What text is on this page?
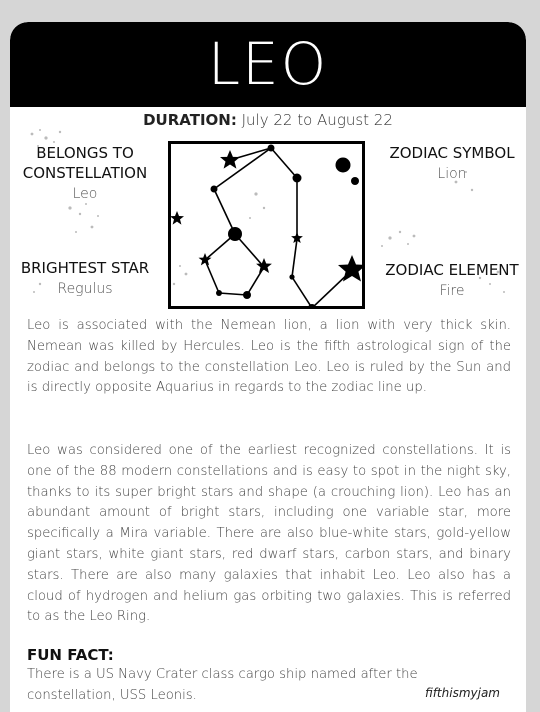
LEO
DURATION: July 22 to August 22
BELONGS TO
CONSTELLATION
Leo
BRIGHTEST STAR
Regulus
ZODIAC SYMBOL
Lion
ZODIAC ELEMENT
Fire
Leo is associated with the Nemean lion, a lion with very thick skin. Nemean was killed by Hercules. Leo is the fifth astrological sign of the zodiac and belongs to the constellation Leo. Leo is ruled by the Sun and is directly opposite Aquarius in regards to the zodiac line up.
Leo was considered one of the earliest recognized constellations. It is one of the 88 modern constellations and is easy to spot in the night sky, thanks to its super bright stars and shape (a crouching lion). Leo has an abundant amount of bright stars, including one variable star, more specifically a Mira variable. There are also blue-white stars, gold-yellow giant stars, white giant stars, red dwarf stars, carbon stars, and binary stars. There are also many galaxies that inhabit Leo. Leo also has a cloud of hydrogen and helium gas orbiting two galaxies. This is referred to as the Leo Ring.
FUN FACT:
There is a US Navy Crater class cargo ship named after the constellation, USS Leonis.	fifthismyjam
